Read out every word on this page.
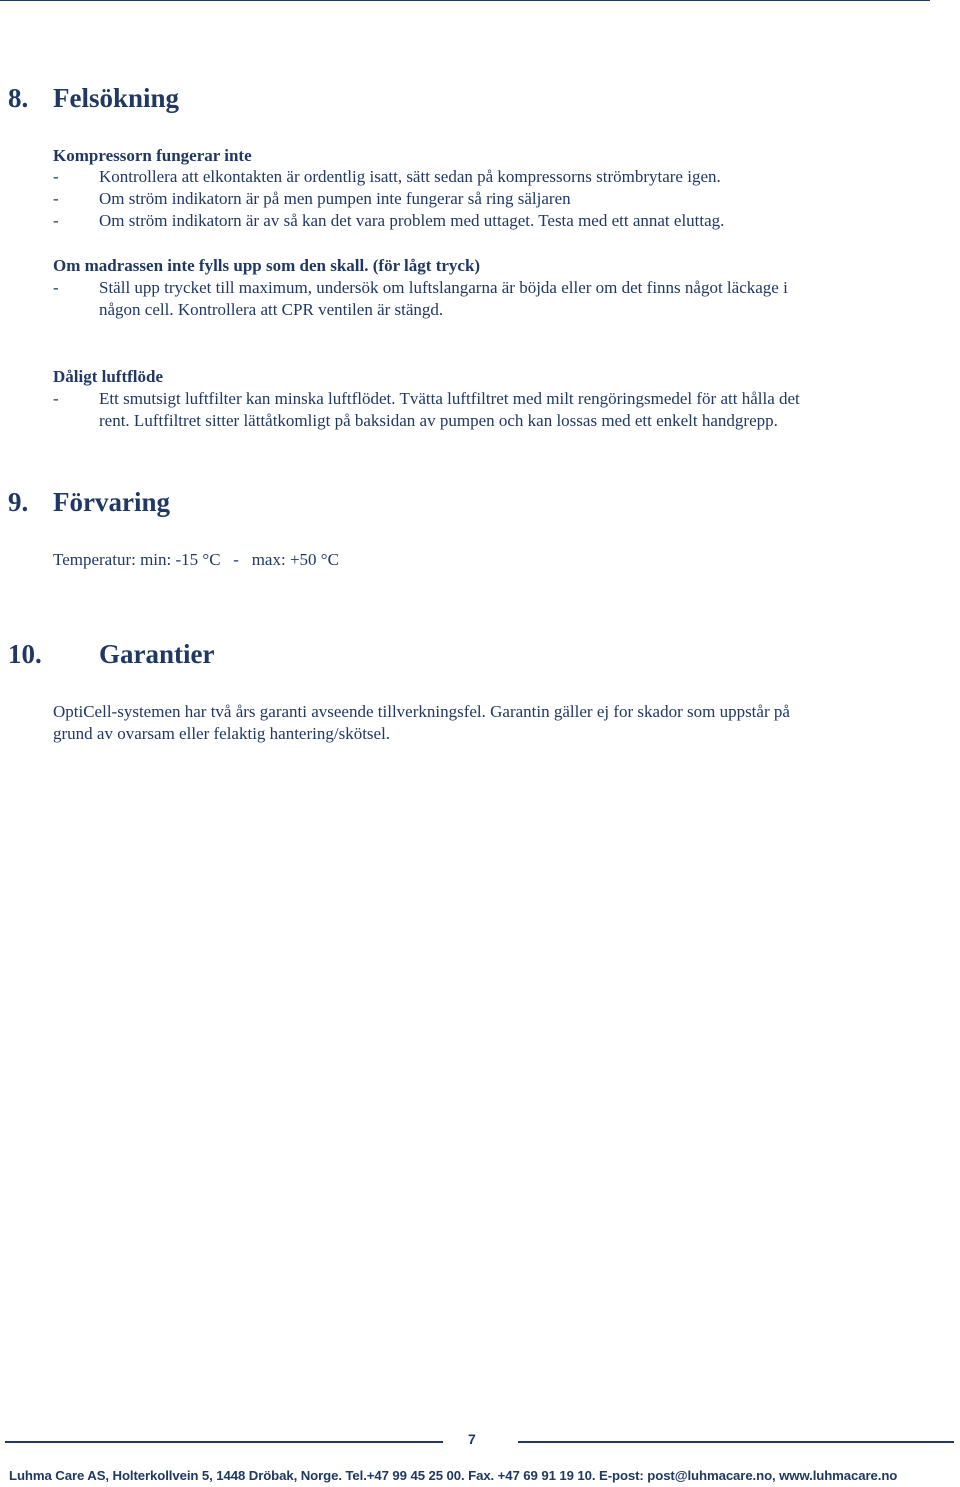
8. Felsökning

Kompressorn fungerar inte

- Kontrollera att elkontakten är ordentlig isatt, sätt sedan på kompressorns strömbrytare igen.

- Om ström indikatorn är på men pumpen inte fungerar så ring säljaren

- Om ström indikatorn är av så kan det vara problem med uttaget. Testa med ett annat eluttag.

Om madrassen inte fylls upp som den skall. (för lågt tryck)

- Ställ upp trycket till maximum, undersök om luftslangarna är böjda eller om det finns något läckage i

någon cell. Kontrollera att CPR ventilen är stängd.

Dåligt luftflöde

- Ett smutsigt luftfilter kan minska luftflödet. Tvätta luftfiltret med milt rengöringsmedel för att hålla det

rent. Luftfiltret sitter lättåtkomligt på baksidan av pumpen och kan lossas med ett enkelt handgrepp.

9. Förvaring

Temperatur: min: -15 °C   -   max: +50 °C

10. Garantier

OptiCell-systemen har två års garanti avseende tillverkningsfel. Garantin gäller ej for skador som uppstår på

grund av ovarsam eller felaktig hantering/skötsel.

7
Luhma Care AS, Holterkollvein 5, 1448 Dröbak, Norge. Tel.+47 99 45 25 00. Fax. +47 69 91 19 10. E-post: post@luhmacare.no, www.luhmacare.no
